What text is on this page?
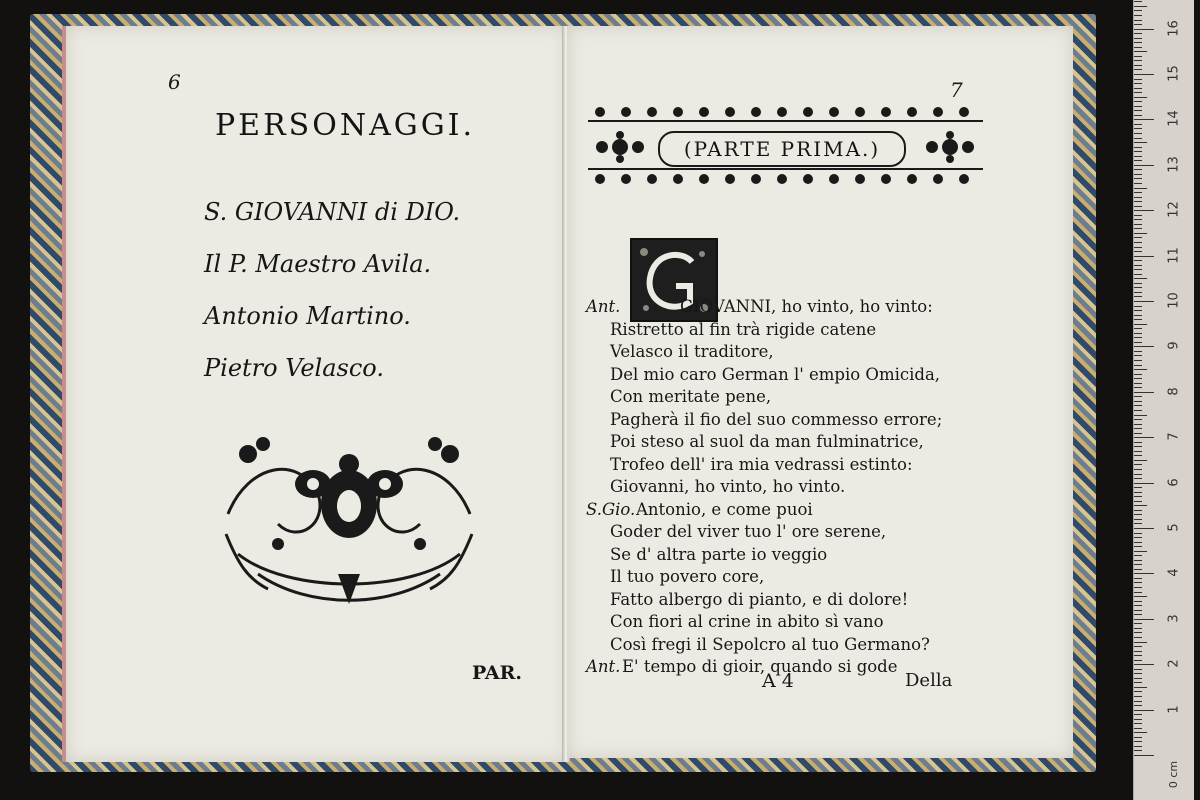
6
PERSONAGGI.
S. GIOVANNI di DIO.
Il P. Maestro Avila.
Antonio Martino.
Pietro Velasco.
PAR.
7
(PARTE PRIMA.)
Ant.	GIOVANNI, ho vinto, ho vinto:
Ristretto al fin trà rigide catene
Velasco il traditore,
Del mio caro German l' empio Omicida,
Con meritate pene,
Pagherà il fio del suo commesso errore;
Poi steso al suol da man fulminatrice,
Trofeo dell' ira mia vedrassi estinto:
Giovanni, ho vinto, ho vinto.
S.Gio.Antonio, e come puoi
Goder del viver tuo l' ore serene,
Se d' altra parte io veggio
Il tuo povero core,
Fatto albergo di pianto, e di dolore!
Con fiori al crine in abito sì vano
Così fregi il Sepolcro al tuo Germano?
Ant.E' tempo di gioir, quando si gode
A 4	Della
0 cm
1
2
3
4
5
6
7
8
9
10
11
12
13
14
15
16
